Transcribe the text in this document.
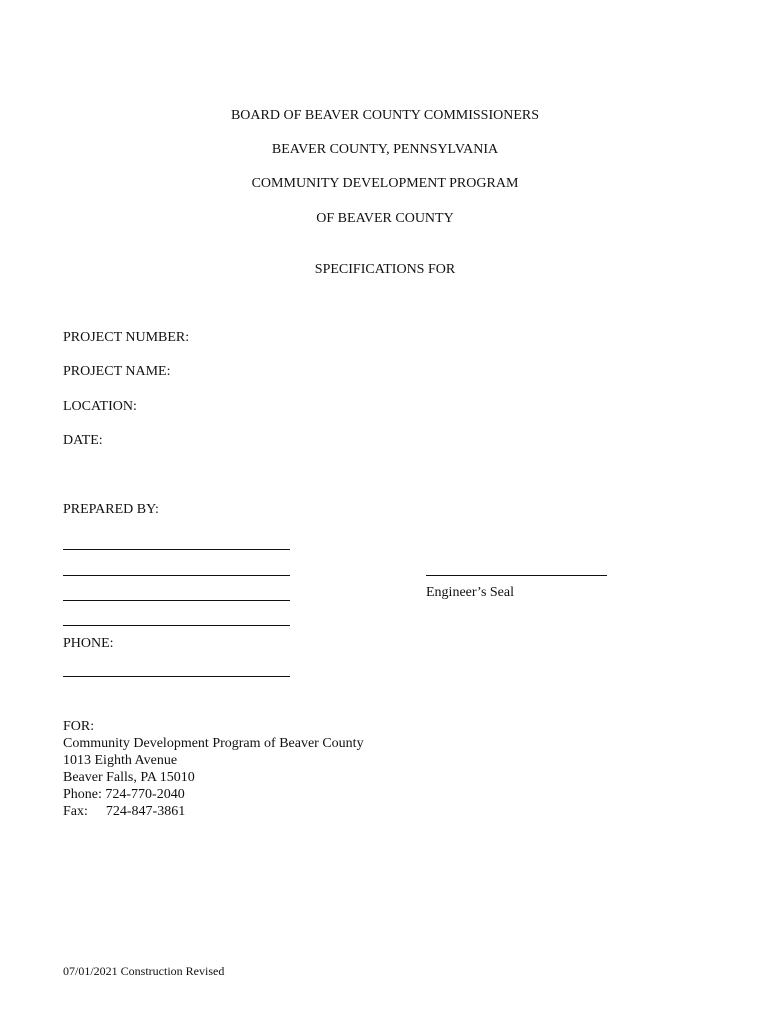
BOARD OF BEAVER COUNTY COMMISSIONERS
BEAVER COUNTY, PENNSYLVANIA
COMMUNITY DEVELOPMENT PROGRAM
OF BEAVER COUNTY
SPECIFICATIONS FOR
PROJECT NUMBER:
PROJECT NAME:
LOCATION:
DATE:
PREPARED BY:
Engineer’s Seal
PHONE:
FOR:
Community Development Program of Beaver County
1013 Eighth Avenue
Beaver Falls, PA 15010
Phone: 724-770-2040
Fax: 724-847-3861
07/01/2021 Construction Revised
